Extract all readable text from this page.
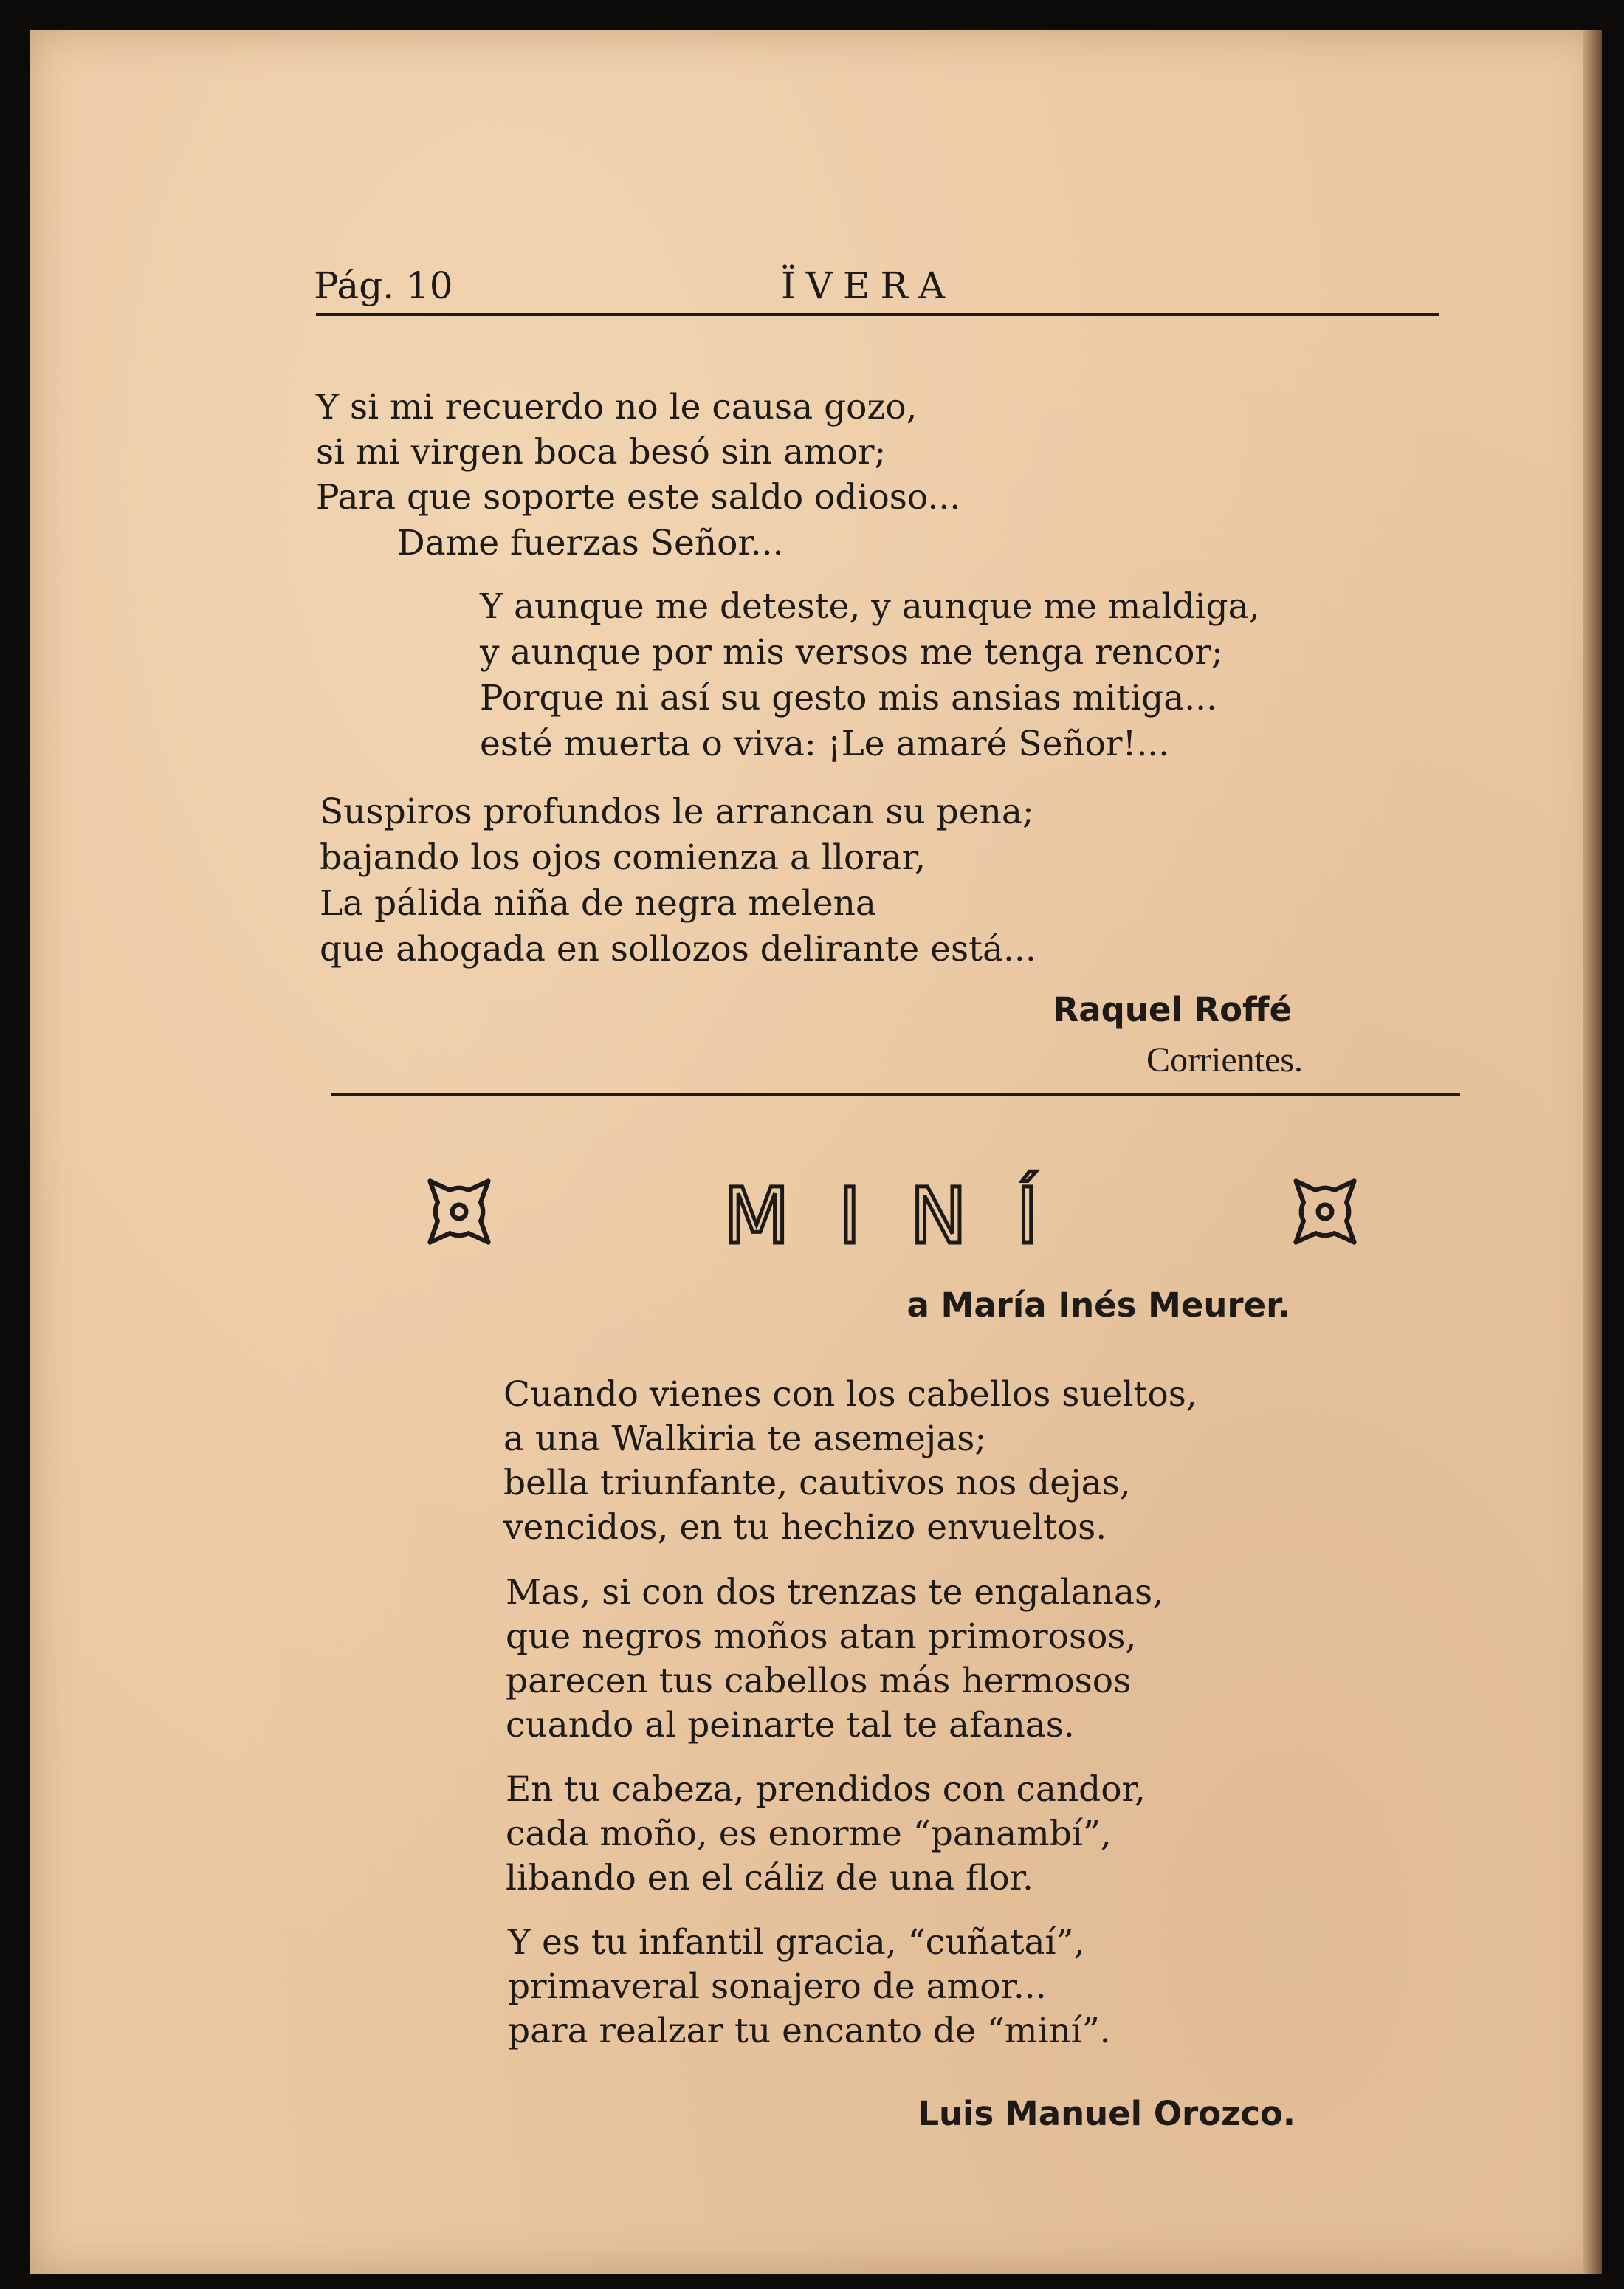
Pág. 10	ÏVERA
Y si mi recuerdo no le causa gozo,
si mi virgen boca besó sin amor;
Para que soporte este saldo odioso...
Dame fuerzas Señor...
Y aunque me deteste, y aunque me maldiga,
y aunque por mis versos me tenga rencor;
Porque ni así su gesto mis ansias mitiga...
esté muerta o viva: ¡Le amaré Señor!...
Suspiros profundos le arrancan su pena;
bajando los ojos comienza a llorar,
La pálida niña de negra melena
que ahogada en sollozos delirante está...
Raquel Roffé
Corrientes.
MINÍ
a María Inés Meurer.
Cuando vienes con los cabellos sueltos,
a una Walkiria te asemejas;
bella triunfante, cautivos nos dejas,
vencidos, en tu hechizo envueltos.
Mas, si con dos trenzas te engalanas,
que negros moños atan primorosos,
parecen tus cabellos más hermosos
cuando al peinarte tal te afanas.
En tu cabeza, prendidos con candor,
cada moño, es enorme “panambí”,
libando en el cáliz de una flor.
Y es tu infantil gracia, “cuñataí”,
primaveral sonajero de amor...
para realzar tu encanto de “miní”.
Luis Manuel Orozco.
